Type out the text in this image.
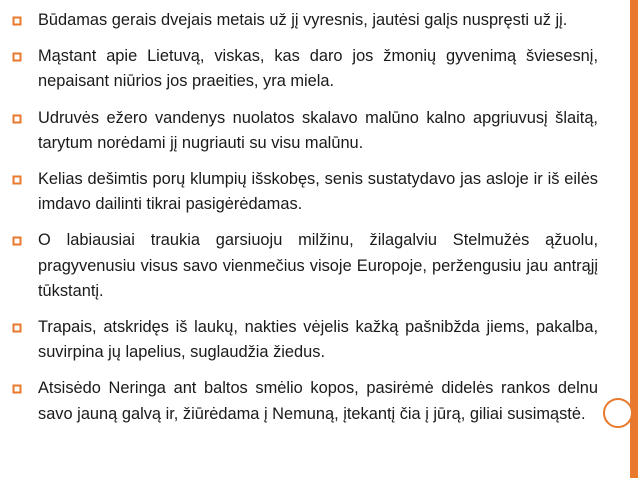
Būdamas gerais dvejais metais už jį vyresnis, jautėsi galįs nuspręsti už jį.
Mąstant apie Lietuvą, viskas, kas daro jos žmonių gyvenimą šviesesnį, nepaisant niūrios jos praeities, yra miela.
Udruvės ežero vandenys nuolatos skalavo malūno kalno apgriuvusį šlaitą, tarytum norėdami jį nugriauti su visu malūnu.
Kelias dešimtis porų klumpių išskobęs, senis sustatydavo jas asloje ir iš eilės imdavo dailinti tikrai pasigėrėdamas.
O labiausiai traukia garsiuoju milžinu, žilagalviu Stelmužės ąžuolu, pragyvenusiu visus savo vienmečius visoje Europoje, peržengusiu jau antrąjį tūkstantį.
Trapais, atskridęs iš laukų, nakties vėjelis kažką pašnibžda jiems, pakalba, suvirpina jų lapelius, suglaudžia žiedus.
Atsisėdo Neringa ant baltos smėlio kopos, pasirėmė didelės rankos delnu savo jauną galvą ir, žiūrėdama į Nemuną, įtekantį čia į jūrą, giliai susimąstė.
